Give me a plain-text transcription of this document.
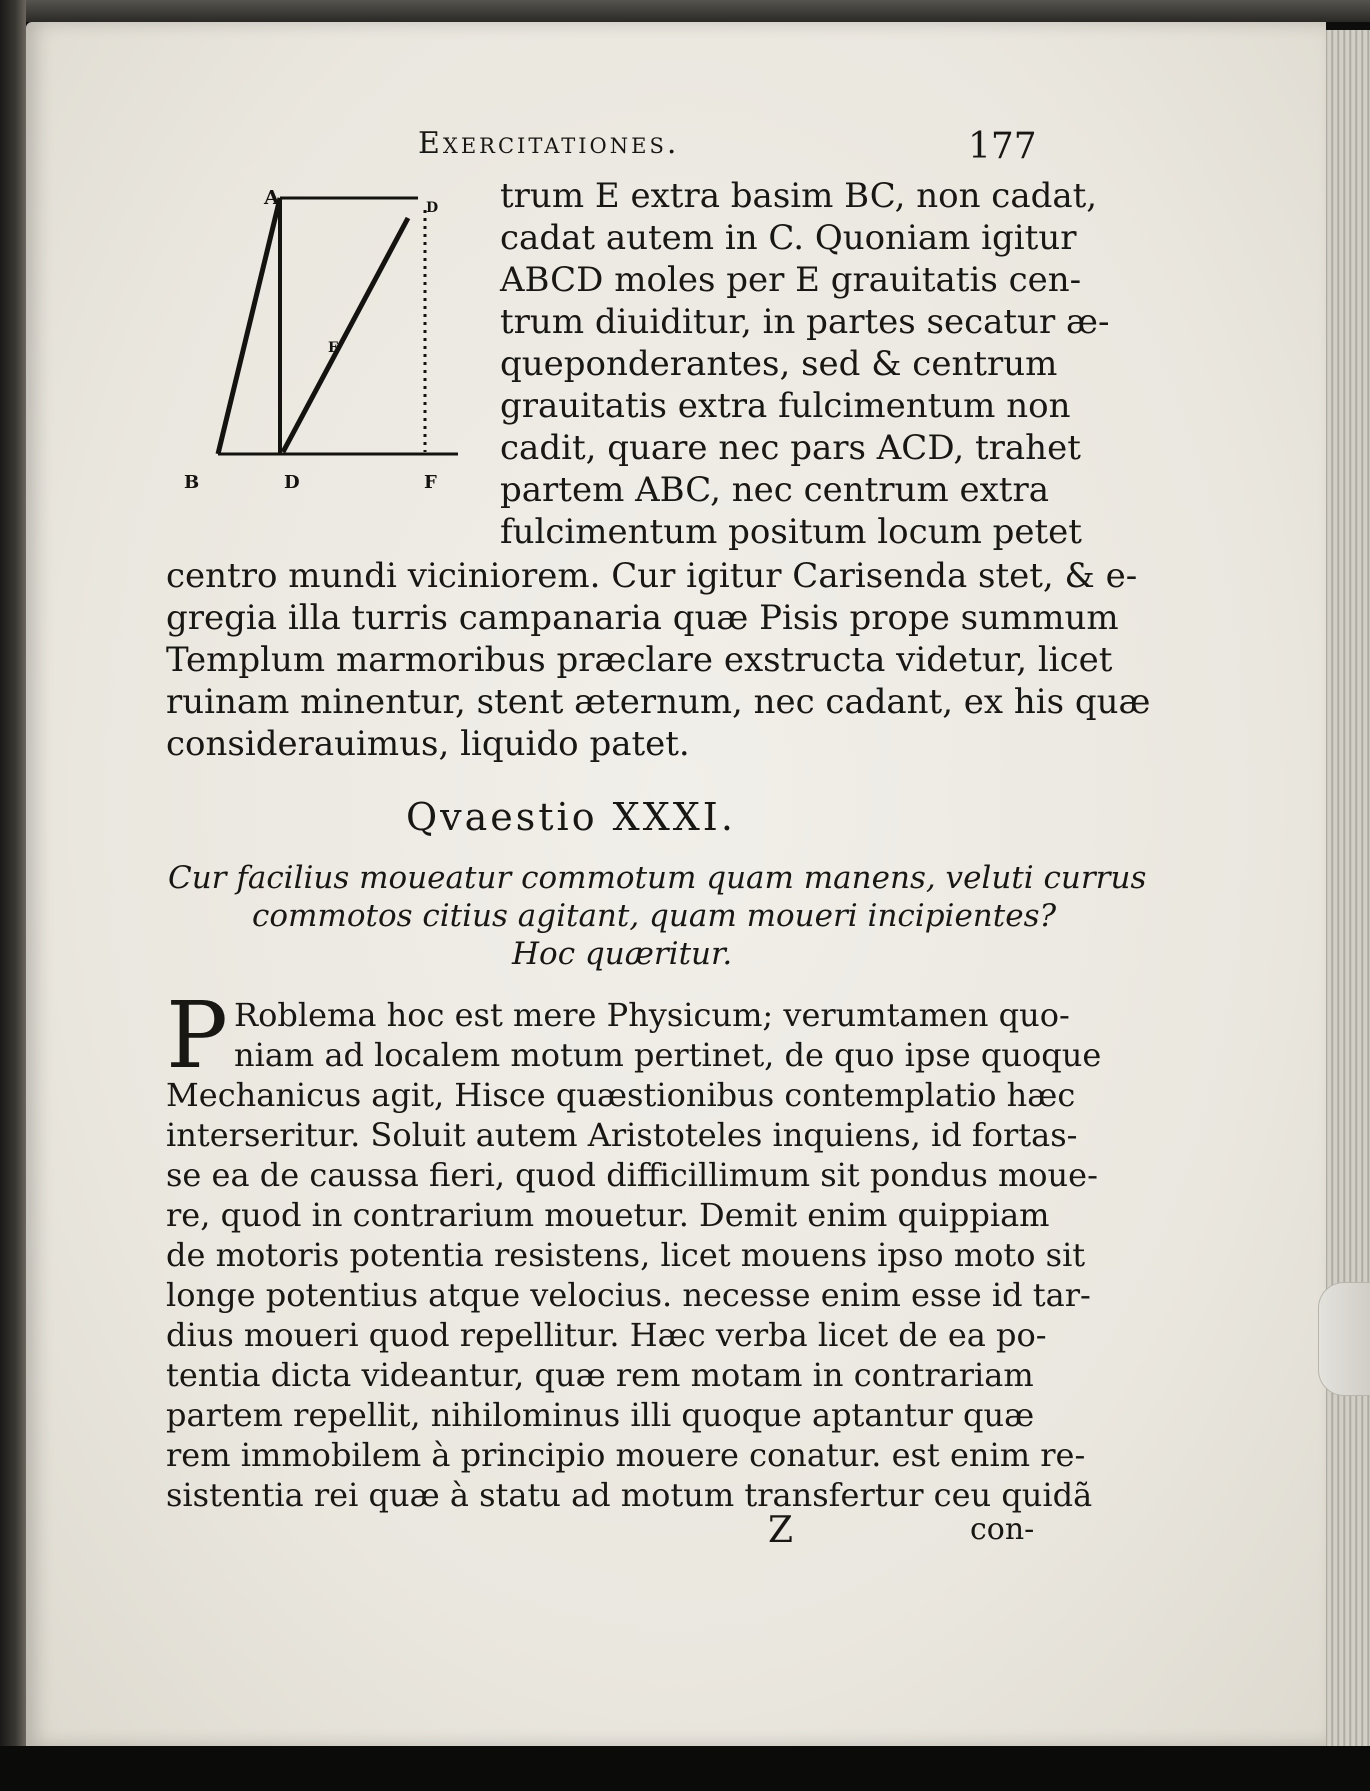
Exercitationes.	177
A	D
E
B	D	F
trum E extra basim BC, non cadat,
cadat autem in C. Quoniam igitur
ABCD moles per E grauitatis cen-
trum diuiditur, in partes secatur æ-
queponderantes, sed & centrum
grauitatis extra fulcimentum non
cadit, quare nec pars ACD, trahet
partem ABC, nec centrum extra
fulcimentum positum locum petet
centro mundi viciniorem. Cur igitur Carisenda stet, & e-
gregia illa turris campanaria quæ Pisis prope summum
Templum marmoribus præclare exstructa videtur, licet
ruinam minentur, stent æternum, nec cadant, ex his quæ
considerauimus, liquido patet.
Qvaestio XXXI.
Cur facilius moueatur commotum quam manens, veluti currus
commotos citius agitant, quam moueri incipientes?
Hoc quæritur.
P Roblema hoc est mere Physicum; verumtamen quo-
niam ad localem motum pertinet, de quo ipse quoque
Mechanicus agit, Hisce quæstionibus contemplatio hæc
interseritur. Soluit autem Aristoteles inquiens, id fortas-
se ea de caussa fieri, quod difficillimum sit pondus moue-
re, quod in contrarium mouetur. Demit enim quippiam
de motoris potentia resistens, licet mouens ipso moto sit
longe potentius atque velocius. necesse enim esse id tar-
dius moueri quod repellitur. Hæc verba licet de ea po-
tentia dicta videantur, quæ rem motam in contrariam
partem repellit, nihilominus illi quoque aptantur quæ
rem immobilem à principio mouere conatur. est enim re-
sistentia rei quæ à statu ad motum transfertur ceu quidã
Z	con-
